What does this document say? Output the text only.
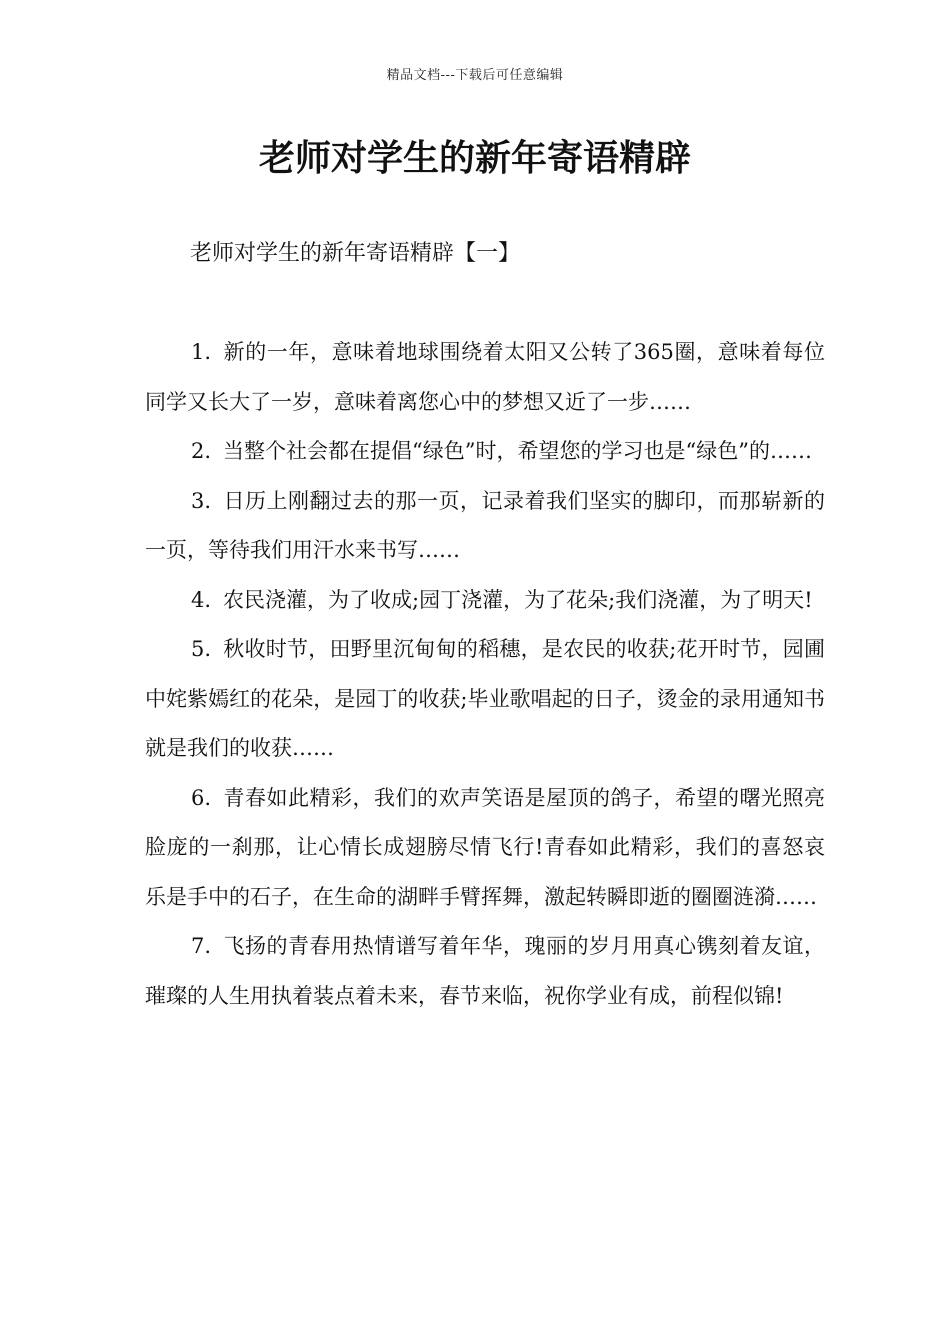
精品文档---下载后可任意编辑
老师对学生的新年寄语精辟
老师对学生的新年寄语精辟【一】
1. 新的一年，意味着地球围绕着太阳又公转了365圈，意味着每位同学又长大了一岁，意味着离您心中的梦想又近了一步……
2. 当整个社会都在提倡“绿色”时，希望您的学习也是“绿色”的……
3. 日历上刚翻过去的那一页，记录着我们坚实的脚印，而那崭新的一页，等待我们用汗水来书写……
4. 农民浇灌，为了收成;园丁浇灌，为了花朵;我们浇灌，为了明天!
5. 秋收时节，田野里沉甸甸的稻穗，是农民的收获;花开时节，园圃中姹紫嫣红的花朵，是园丁的收获;毕业歌唱起的日子，烫金的录用通知书就是我们的收获……
6. 青春如此精彩，我们的欢声笑语是屋顶的鸽子，希望的曙光照亮脸庞的一刹那，让心情长成翅膀尽情飞行!青春如此精彩，我们的喜怒哀乐是手中的石子，在生命的湖畔手臂挥舞，激起转瞬即逝的圈圈涟漪……
7. 飞扬的青春用热情谱写着年华，瑰丽的岁月用真心镌刻着友谊，璀璨的人生用执着装点着未来，春节来临，祝你学业有成，前程似锦!
